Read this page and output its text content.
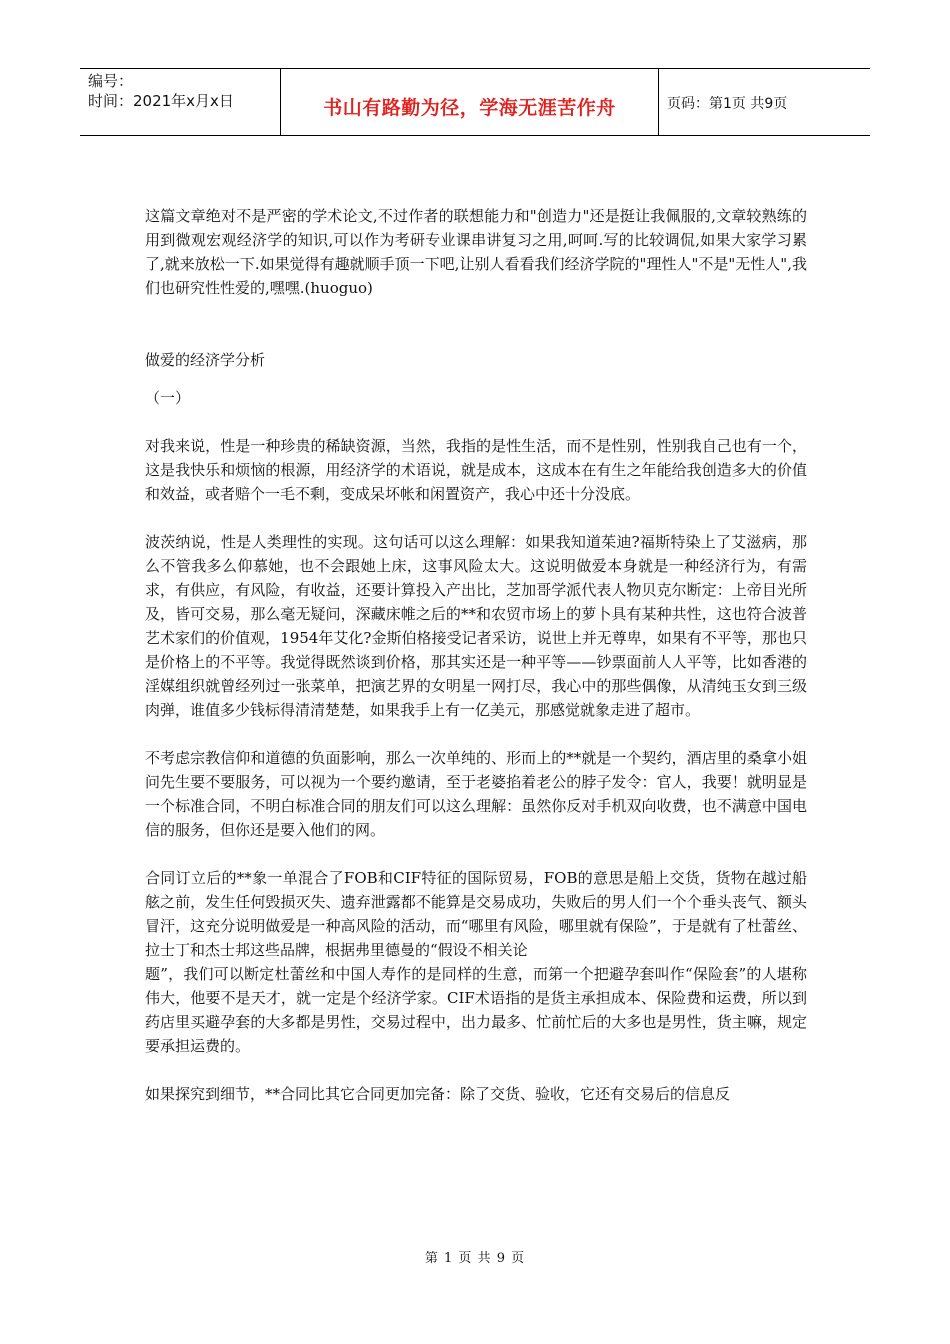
编号：
时间：2021年x月x日	书山有路勤为径，学海无涯苦作舟	页码：第1页 共9页

这篇文章绝对不是严密的学术论文,不过作者的联想能力和"创造力"还是挺让我佩服的,文章较熟练的用到微观宏观经济学的知识,可以作为考研专业课串讲复习之用,呵呵.写的比较调侃,如果大家学习累了,就来放松一下.如果觉得有趣就顺手顶一下吧,让别人看看我们经济学院的"理性人"不是"无性人",我们也研究性性爱的,嘿嘿.(huoguo)

做爱的经济学分析

（一）

对我来说，性是一种珍贵的稀缺资源，当然，我指的是性生活，而不是性别，性别我自己也有一个，这是我快乐和烦恼的根源，用经济学的术语说，就是成本，这成本在有生之年能给我创造多大的价值和效益，或者赔个一毛不剩，变成呆坏帐和闲置资产，我心中还十分没底。

波茨纳说，性是人类理性的实现。这句话可以这么理解：如果我知道茱迪?福斯特染上了艾滋病，那么不管我多么仰慕她，也不会跟她上床，这事风险太大。这说明做爱本身就是一种经济行为，有需求，有供应，有风险，有收益，还要计算投入产出比，芝加哥学派代表人物贝克尔断定：上帝目光所及，皆可交易，那么毫无疑问，深藏床帷之后的**和农贸市场上的萝卜具有某种共性，这也符合波普艺术家们的价值观，1954年艾化?金斯伯格接受记者采访，说世上并无尊卑，如果有不平等，那也只是价格上的不平等。我觉得既然谈到价格，那其实还是一种平等——钞票面前人人平等，比如香港的淫媒组织就曾经列过一张菜单，把演艺界的女明星一网打尽，我心中的那些偶像，从清纯玉女到三级肉弹，谁值多少钱标得清清楚楚，如果我手上有一亿美元，那感觉就象走进了超市。

不考虑宗教信仰和道德的负面影响，那么一次单纯的、形而上的**就是一个契约，酒店里的桑拿小姐问先生要不要服务，可以视为一个要约邀请，至于老婆掐着老公的脖子发令：官人，我要！就明显是一个标准合同，不明白标准合同的朋友们可以这么理解：虽然你反对手机双向收费，也不满意中国电信的服务，但你还是要入他们的网。

合同订立后的**象一单混合了FOB和CIF特征的国际贸易，FOB的意思是船上交货，货物在越过船舷之前，发生任何毁损灭失、遗弃泄露都不能算是交易成功，失败后的男人们一个个垂头丧气、额头冒汗，这充分说明做爱是一种高风险的活动，而“哪里有风险，哪里就有保险”，于是就有了杜蕾丝、拉士丁和杰士邦这些品牌，根据弗里德曼的“假设不相关论

题”，我们可以断定杜蕾丝和中国人寿作的是同样的生意，而第一个把避孕套叫作“保险套”的人堪称伟大，他要不是天才，就一定是个经济学家。CIF术语指的是货主承担成本、保险费和运费，所以到药店里买避孕套的大多都是男性，交易过程中，出力最多、忙前忙后的大多也是男性，货主嘛，规定要承担运费的。

如果探究到细节，**合同比其它合同更加完备：除了交货、验收，它还有交易后的信息反

第 1 页 共 9 页
